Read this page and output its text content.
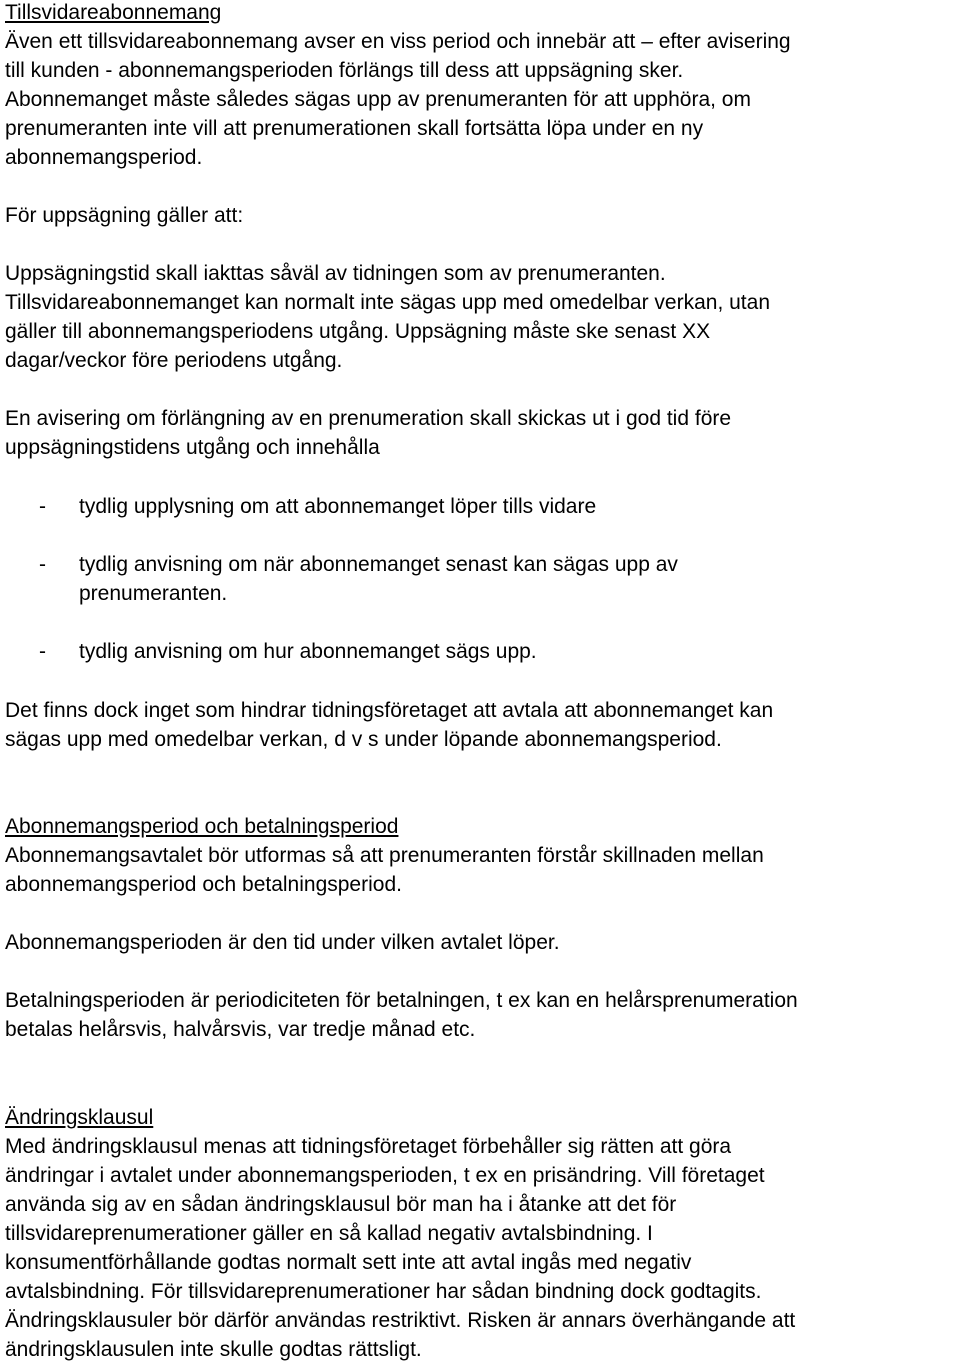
Tillsvidareabonnemang
Även ett tillsvidareabonnemang avser en viss period och innebär att – efter avisering
till kunden - abonnemangsperioden förlängs till dess att uppsägning sker.
Abonnemanget måste således sägas upp av prenumeranten för att upphöra, om
prenumeranten inte vill att prenumerationen skall fortsätta löpa under en ny
abonnemangsperiod.
För uppsägning gäller att:
Uppsägningstid skall iakttas såväl av tidningen som av prenumeranten.
Tillsvidareabonnemanget kan normalt inte sägas upp med omedelbar verkan, utan
gäller till abonnemangsperiodens utgång. Uppsägning måste ske senast XX
dagar/veckor före periodens utgång.
En avisering om förlängning av en prenumeration skall skickas ut i god tid före
uppsägningstidens utgång och innehålla
- tydlig upplysning om att abonnemanget löper tills vidare
- tydlig anvisning om när abonnemanget senast kan sägas upp av
prenumeranten.
- tydlig anvisning om hur abonnemanget sägs upp.
Det finns dock inget som hindrar tidningsföretaget att avtala att abonnemanget kan
sägas upp med omedelbar verkan, d v s under löpande abonnemangsperiod.
Abonnemangsperiod och betalningsperiod
Abonnemangsavtalet bör utformas så att prenumeranten förstår skillnaden mellan
abonnemangsperiod och betalningsperiod.
Abonnemangsperioden är den tid under vilken avtalet löper.
Betalningsperioden är periodiciteten för betalningen, t ex kan en helårsprenumeration
betalas helårsvis, halvårsvis, var tredje månad etc.
Ändringsklausul
Med ändringsklausul menas att tidningsföretaget förbehåller sig rätten att göra
ändringar i avtalet under abonnemangsperioden, t ex en prisändring. Vill företaget
använda sig av en sådan ändringsklausul bör man ha i åtanke att det för
tillsvidareprenumerationer gäller en så kallad negativ avtalsbindning. I
konsumentförhållande godtas normalt sett inte att avtal ingås med negativ
avtalsbindning. För tillsvidareprenumerationer har sådan bindning dock godtagits.
Ändringsklausuler bör därför användas restriktivt. Risken är annars överhängande att
ändringsklausulen inte skulle godtas rättsligt.
